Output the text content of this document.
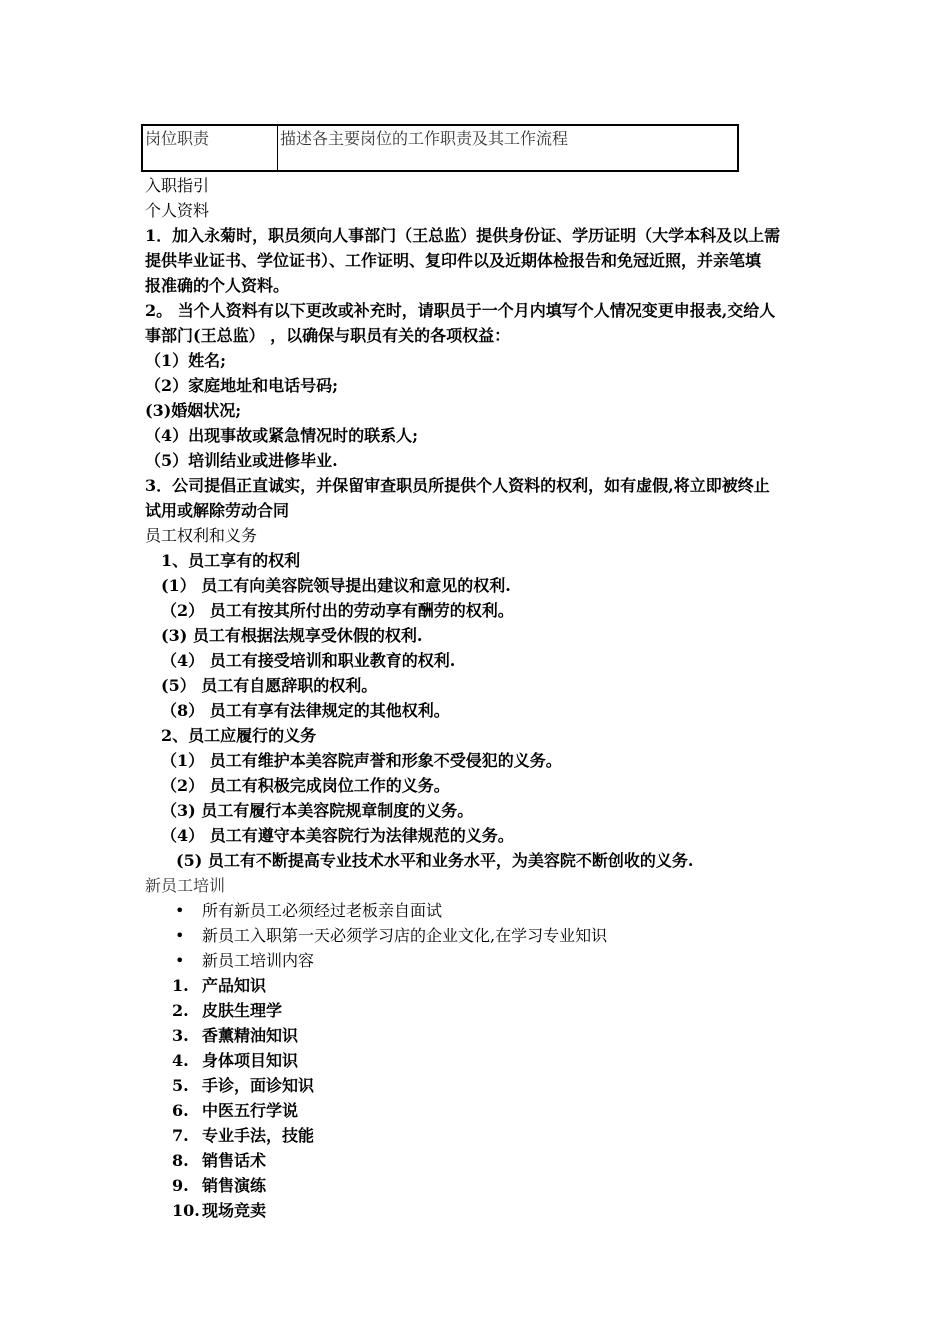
岗位职责	描述各主要岗位的工作职责及其工作流程
入职指引
个人资料
1．加入永菊时，职员须向人事部门（王总监）提供身份证、学历证明（大学本科及以上需
提供毕业证书、学位证书）、工作证明、复印件以及近期体检报告和免冠近照，并亲笔填
报准确的个人资料。
2。 当个人资料有以下更改或补充时，请职员于一个月内填写个人情况变更申报表,交给人
事部门(王总监） ，以确保与职员有关的各项权益：
（1）姓名;
（2）家庭地址和电话号码;
(3)婚姻状况;
（4）出现事故或紧急情况时的联系人;
（5）培训结业或进修毕业.
3．公司提倡正直诚实，并保留审查职员所提供个人资料的权利，如有虚假,将立即被终止
试用或解除劳动合同
员工权利和义务
1、员工享有的权利
(1） 员工有向美容院领导提出建议和意见的权利.
（2） 员工有按其所付出的劳动享有酬劳的权利。
(3) 员工有根据法规享受休假的权利.
（4） 员工有接受培训和职业教育的权利.
(5） 员工有自愿辞职的权利。
（8） 员工有享有法律规定的其他权利。
2、员工应履行的义务
（1） 员工有维护本美容院声誉和形象不受侵犯的义务。
（2） 员工有积极完成岗位工作的义务。
（3) 员工有履行本美容院规章制度的义务。
（4） 员工有遵守本美容院行为法律规范的义务。
(5) 员工有不断提高专业技术水平和业务水平，为美容院不断创收的义务.
新员工培训
• 所有新员工必须经过老板亲自面试
• 新员工入职第一天必须学习店的企业文化,在学习专业知识
• 新员工培训内容
1. 产品知识
2. 皮肤生理学
3. 香薰精油知识
4. 身体项目知识
5. 手诊，面诊知识
6. 中医五行学说
7. 专业手法，技能
8. 销售话术
9. 销售演练
10. 现场竞卖
